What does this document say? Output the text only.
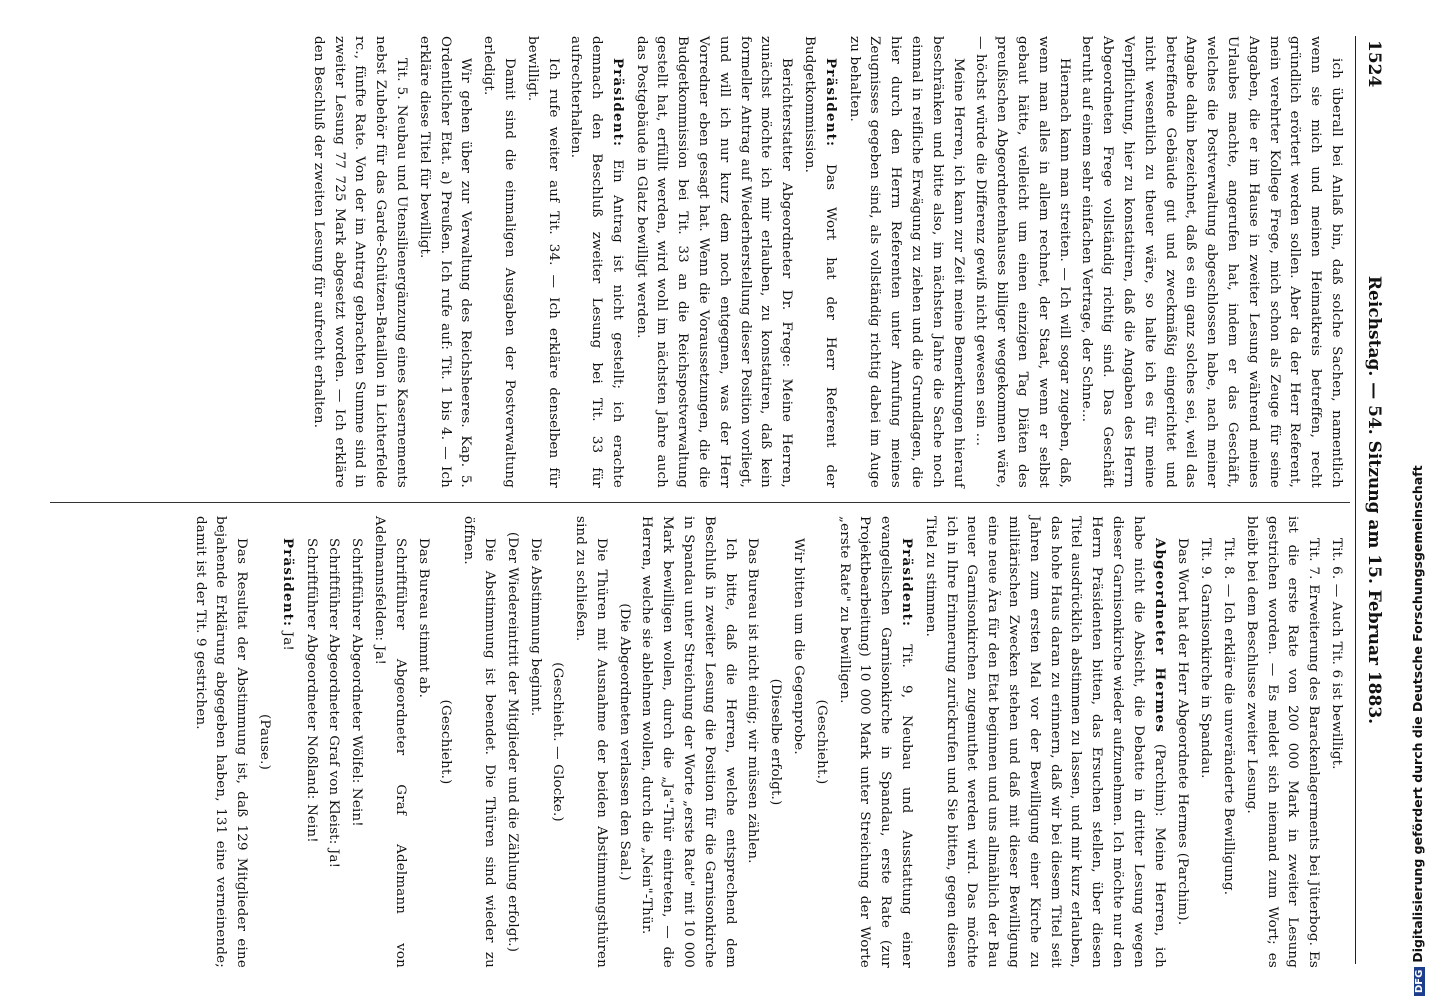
1524
Reichstag. — 54. Sitzung am 15. Februar 1883.

ich überall bei Anlaß bin, daß solche Sachen, namentlich wenn sie mich und meinen Heimatkreis betreffen, recht gründlich erörtert werden sollen. Aber da der Herr Referent, mein verehrter Kollege Frege, mich schon als Zeuge für seine Angaben, die er im Hause in zweiter Lesung während meines Urlaubes machte, angerufen hat, indem er das Geschäft, welches die Postverwaltung abgeschlossen habe, nach meiner Angabe dahin bezeichnet, daß es ein ganz solches sei, weil das betreffende Gebäude gut und zweckmäßig eingerichtet und nicht wesentlich zu theuer wäre, so halte ich es für meine Verpflichtung, hier zu konstatiren, daß die Angaben des Herrn Abgeordneten Frege vollständig richtig sind. Das Geschäft beruht auf einem sehr einfachen Vertrage, der Schne...

Hiernach kann man streiten. — Ich will sogar zugeben, daß, wenn man alles in allem rechnet, der Staat, wenn er selbst gebaut hätte, vielleicht um einen einzigen Tag Diäten des preußischen Abgeordnetenhauses billiger weggekommen wäre, — höchst würde die Differenz gewiß nicht gewesen sein ...

Meine Herren, ich kann zur Zeit meine Bemerkungen hierauf beschränken und bitte also, im nächsten Jahre die Sache noch einmal in reifliche Erwägung zu ziehen und die Grundlagen, die hier durch den Herrn Referenten unter Anrufung meines Zeugnisses gegeben sind, als vollständig richtig dabei im Auge zu behalten.

Präsident: Das Wort hat der Herr Referent der Budgetkommission.

Berichterstatter Abgeordneter Dr. Frege: Meine Herren, zunächst möchte ich mir erlauben, zu konstatiren, daß kein formeller Antrag auf Wiederherstellung dieser Position vorliegt, und will ich nur kurz dem noch entgegnen, was der Herr Vorredner eben gesagt hat. Wenn die Voraussetzungen, die die Budgetkommission bei Tit. 33 an die Reichspostverwaltung gestellt hat, erfüllt werden, wird wohl im nächsten Jahre auch das Postgebäude in Glatz bewilligt werden.

Präsident: Ein Antrag ist nicht gestellt; ich erachte demnach den Beschluß zweiter Lesung bei Tit. 33 für aufrechterhalten.

Ich rufe weiter auf Tit. 34. — Ich erkläre denselben für bewilligt.

Damit sind die einmaligen Ausgaben der Postverwaltung erledigt.

Wir gehen über zur Verwaltung des Reichsheeres. Kap. 5. Ordentlicher Etat. a) Preußen. Ich rufe auf: Tit. 1 bis 4. — Ich erkläre diese Titel für bewilligt.

Tit. 5. Neubau und Utensilienergänzung eines Kasernements nebst Zubehör für das Garde-Schützen-Bataillon in Lichterfelde rc., fünfte Rate. Von der im Antrag gebrachten Summe sind in zweiter Lesung 77 725 Mark abgesetzt worden. — Ich erkläre den Beschluß der zweiten Lesung für aufrecht erhalten.

Tit. 6. — Auch Tit. 6 ist bewilligt.

Tit. 7. Erweiterung des Barackenlagerments bei Jüterbog. Es ist die erste Rate von 200 000 Mark in zweiter Lesung gestrichen worden. — Es meldet sich niemand zum Wort; es bleibt bei dem Beschlusse zweiter Lesung.

Tit. 8. — Ich erkläre die unveränderte Bewilligung.

Tit. 9. Garnisonkirche in Spandau.

Das Wort hat der Herr Abgeordnete Hermes (Parchim).

Abgeordneter Hermes (Parchim): Meine Herren, ich habe nicht die Absicht, die Debatte in dritter Lesung wegen dieser Garnisonkirche wieder aufzunehmen. Ich möchte nur den Herrn Präsidenten bitten, das Ersuchen stellen, über diesen Titel ausdrücklich abstimmen zu lassen, und mir kurz erlauben, das hohe Haus daran zu erinnern, daß wir bei diesem Titel seit Jahren zum ersten Mal vor der Bewilligung einer Kirche zu militärischen Zwecken stehen und daß mit dieser Bewilligung eine neue Ära für den Etat beginnen und uns allmählich der Bau neuer Garnisonkirchen zugemuthet werden wird. Das möchte ich in Ihre Erinnerung zurückrufen und Sie bitten, gegen diesen Titel zu stimmen.

Präsident: Tit. 9, Neubau und Ausstattung einer evangelischen Garnisonkirche in Spandau, erste Rate (zur Projektbearbeitung) 10 000 Mark unter Streichung der Worte „erste Rate" zu bewilligen.

(Geschieht.)

Wir bitten um die Gegenprobe.

(Dieselbe erfolgt.)

Das Bureau ist nicht einig; wir müssen zählen.

Ich bitte, daß die Herren, welche entsprechend dem Beschluß in zweiter Lesung die Position für die Garnisonkirche in Spandau unter Streichung der Worte „erste Rate" mit 10 000 Mark bewilligen wollen, durch die „Ja"-Thür eintreten, — die Herren, welche sie ablehnen wollen, durch die „Nein"-Thür.

(Die Abgeordneten verlassen den Saal.)

Die Thüren mit Ausnahme der beiden Abstimmungsthüren sind zu schließen.

(Geschieht. — Glocke.)

Die Abstimmung beginnt.

(Der Wiedereintritt der Mitglieder und die Zählung erfolgt.)

Die Abstimmung ist beendet. Die Thüren sind wieder zu öffnen.

(Geschieht.)

Das Bureau stimmt ab.

Schriftführer Abgeordneter Graf Adelmann von Adelmannsfelden: Ja!

Schriftführer Abgeordneter Wölfel: Nein!

Schriftführer Abgeordneter Graf von Kleist: Ja!

Schriftführer Abgeordneter Noßland: Nein!

Präsident: Ja!

(Pause.)

Das Resultat der Abstimmung ist, daß 129 Mitglieder eine bejahende Erklärung abgegeben haben, 131 eine verneinende; damit ist der Tit. 9 gestrichen.

DFGDigitalisierung gefördert durch die Deutsche Forschungsgemeinschaft
